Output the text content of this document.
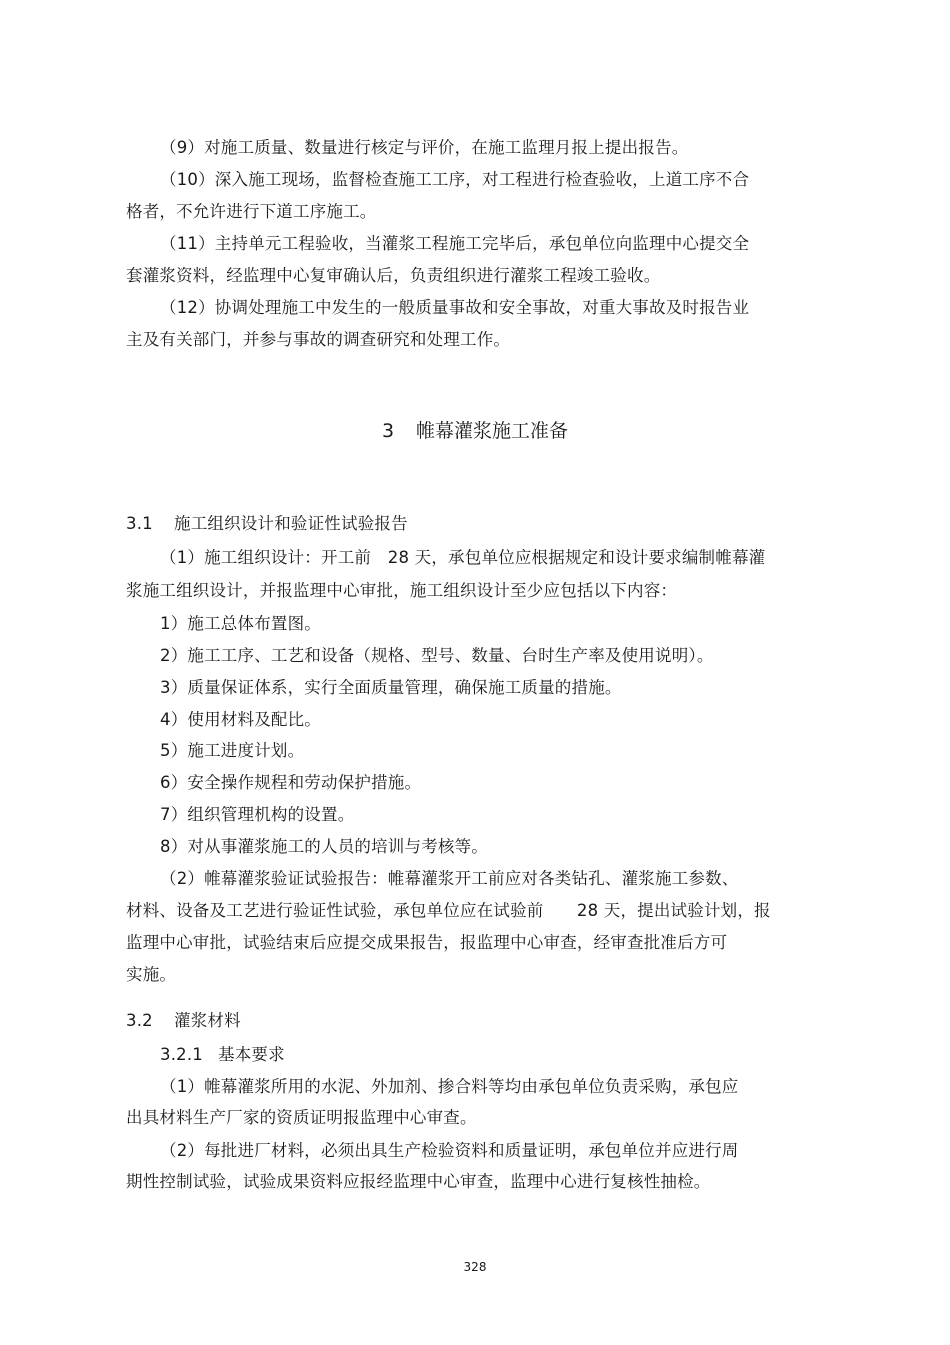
（9）对施工质量、数量进行核定与评价，在施工监理月报上提出报告。
（10）深入施工现场，监督检查施工工序，对工程进行检查验收，上道工序不合
格者，不允许进行下道工序施工。
（11）主持单元工程验收，当灌浆工程施工完毕后，承包单位向监理中心提交全
套灌浆资料，经监理中心复审确认后，负责组织进行灌浆工程竣工验收。
（12）协调处理施工中发生的一般质量事故和安全事故，对重大事故及时报告业
主及有关部门，并参与事故的调查研究和处理工作。
3 帷幕灌浆施工准备
3.1 施工组织设计和验证性试验报告
（1）施工组织设计：开工前　28 天，承包单位应根据规定和设计要求编制帷幕灌
浆施工组织设计，并报监理中心审批，施工组织设计至少应包括以下内容：
1）施工总体布置图。
2）施工工序、工艺和设备（规格、型号、数量、台时生产率及使用说明）。
3）质量保证体系，实行全面质量管理，确保施工质量的措施。
4）使用材料及配比。
5）施工进度计划。
6）安全操作规程和劳动保护措施。
7）组织管理机构的设置。
8）对从事灌浆施工的人员的培训与考核等。
（2）帷幕灌浆验证试验报告：帷幕灌浆开工前应对各类钻孔、灌浆施工参数、
材料、设备及工艺进行验证性试验，承包单位应在试验前　　28 天，提出试验计划，报
监理中心审批，试验结束后应提交成果报告，报监理中心审查，经审查批准后方可
实施。
3.2 灌浆材料
3.2.1 基本要求
（1）帷幕灌浆所用的水泥、外加剂、掺合料等均由承包单位负责采购，承包应
出具材料生产厂家的资质证明报监理中心审查。
（2）每批进厂材料，必须出具生产检验资料和质量证明，承包单位并应进行周
期性控制试验，试验成果资料应报经监理中心审查，监理中心进行复核性抽检。
328
